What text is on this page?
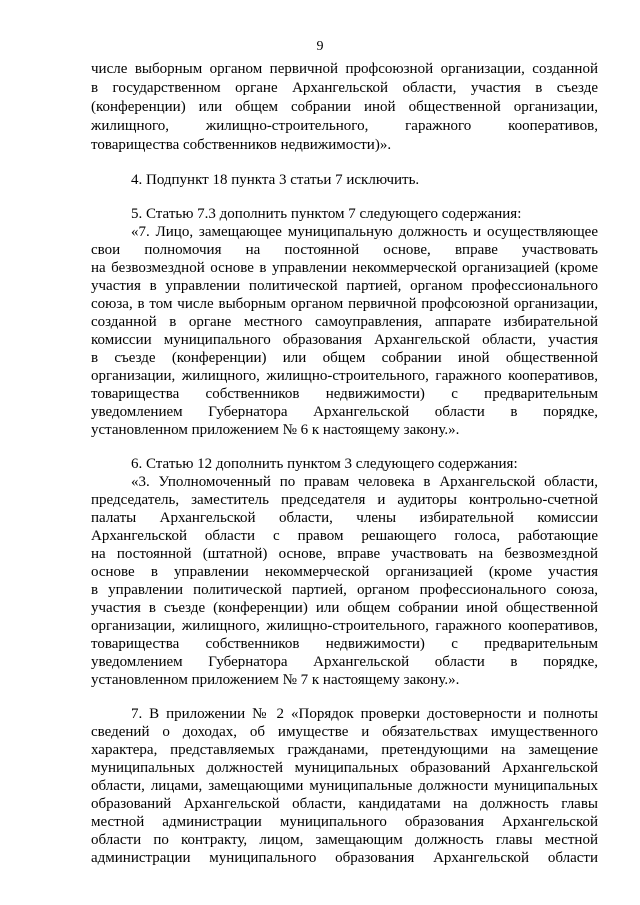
9
числе выборным органом первичной профсоюзной организации, созданной
в государственном органе Архангельской области, участия в съезде
(конференции) или общем собрании иной общественной организации,
жилищного, жилищно-строительного, гаражного кооперативов,
товарищества собственников недвижимости)».
4. Подпункт 18 пункта 3 статьи 7 исключить.
5. Статью 7.3 дополнить пунктом 7 следующего содержания:
«7. Лицо, замещающее муниципальную должность и осуществляющее
свои полномочия на постоянной основе, вправе участвовать
на безвозмездной основе в управлении некоммерческой организацией (кроме
участия в управлении политической партией, органом профессионального
союза, в том числе выборным органом первичной профсоюзной организации,
созданной в органе местного самоуправления, аппарате избирательной
комиссии муниципального образования Архангельской области, участия
в съезде (конференции) или общем собрании иной общественной
организации, жилищного, жилищно-строительного, гаражного кооперативов,
товарищества собственников недвижимости) с предварительным
уведомлением Губернатора Архангельской области в порядке,
установленном приложением № 6 к настоящему закону.».
6. Статью 12 дополнить пунктом 3 следующего содержания:
«3. Уполномоченный по правам человека в Архангельской области,
председатель, заместитель председателя и аудиторы контрольно-счетной
палаты Архангельской области, члены избирательной комиссии
Архангельской области с правом решающего голоса, работающие
на постоянной (штатной) основе, вправе участвовать на безвозмездной
основе в управлении некоммерческой организацией (кроме участия
в управлении политической партией, органом профессионального союза,
участия в съезде (конференции) или общем собрании иной общественной
организации, жилищного, жилищно-строительного, гаражного кооперативов,
товарищества собственников недвижимости) с предварительным
уведомлением Губернатора Архангельской области в порядке,
установленном приложением № 7 к настоящему закону.».
7. В приложении № 2 «Порядок проверки достоверности и полноты
сведений о доходах, об имуществе и обязательствах имущественного
характера, представляемых гражданами, претендующими на замещение
муниципальных должностей муниципальных образований Архангельской
области, лицами, замещающими муниципальные должности муниципальных
образований Архангельской области, кандидатами на должность главы
местной администрации муниципального образования Архангельской
области по контракту, лицом, замещающим должность главы местной
администрации муниципального образования Архангельской области
